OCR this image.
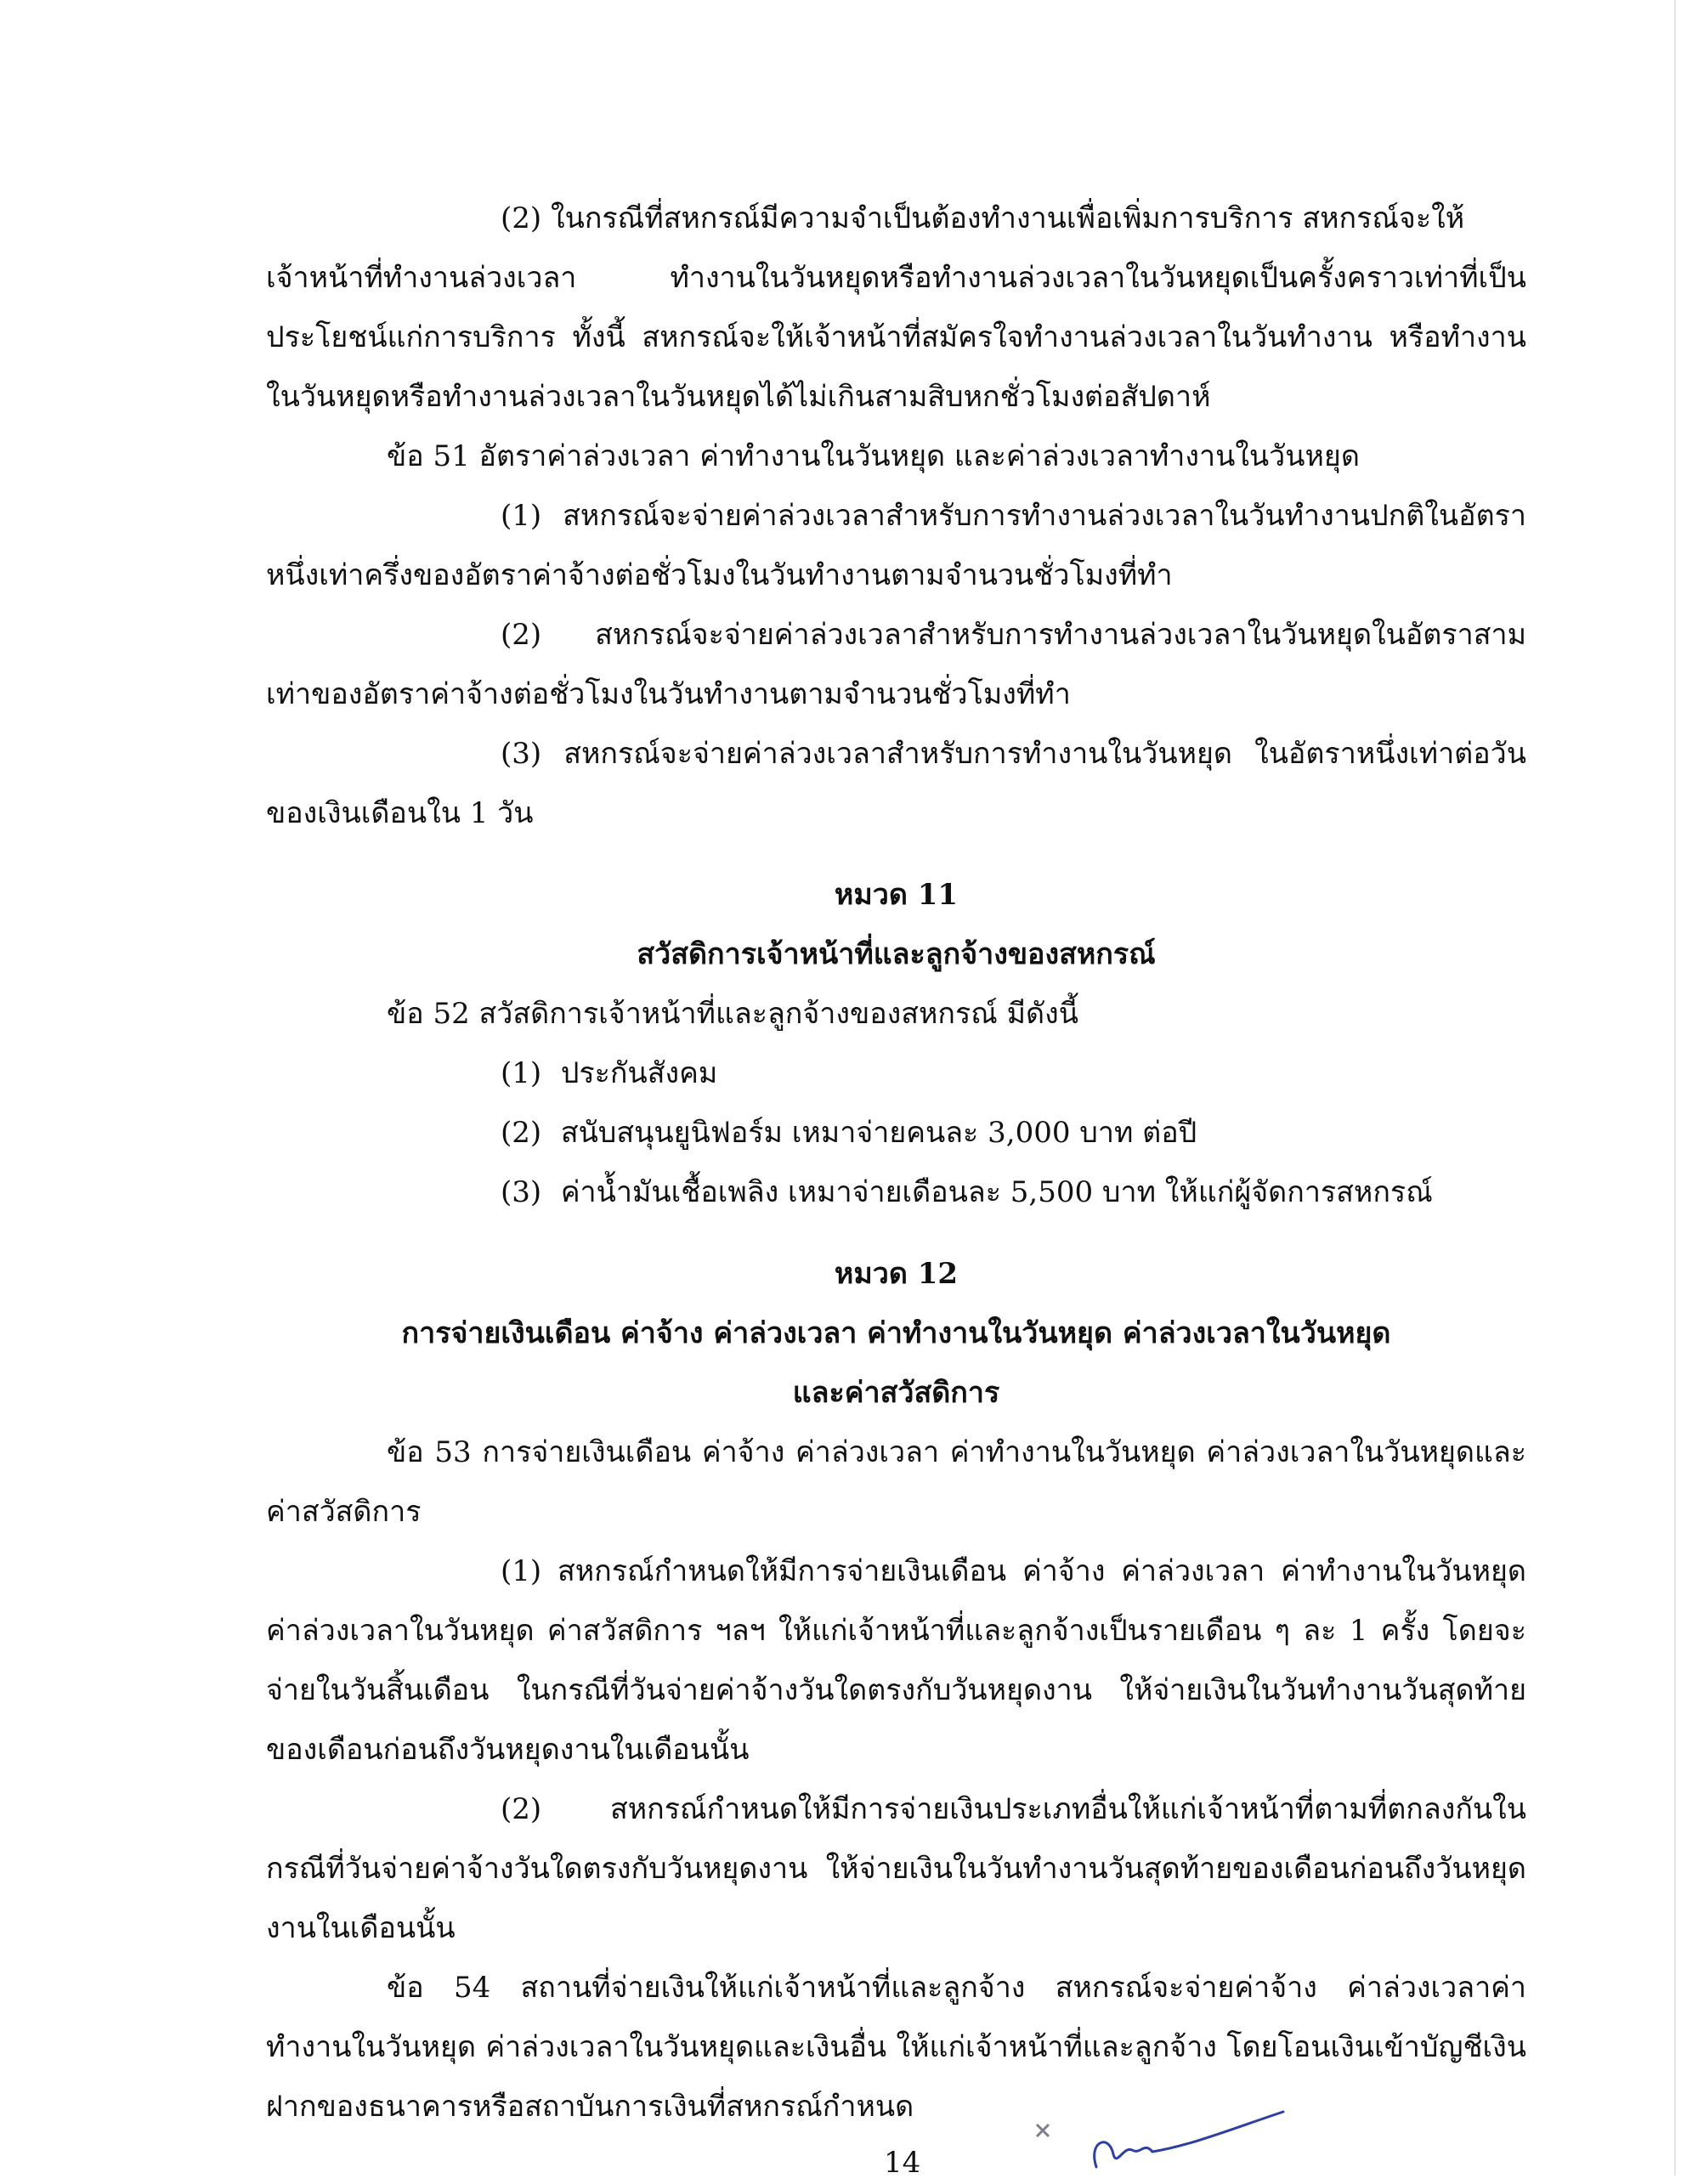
(2) ในกรณีที่สหกรณ์มีความจำเป็นต้องทำงานเพื่อเพิ่มการบริการ สหกรณ์จะให้

เจ้าหน้าที่ทำงานล่วงเวลา ทำงานในวันหยุดหรือทำงานล่วงเวลาในวันหยุดเป็นครั้งคราวเท่าที่เป็นประโยชน์แก่การบริการ ทั้งนี้ สหกรณ์จะให้เจ้าหน้าที่สมัครใจทำงานล่วงเวลาในวันทำงาน หรือทำงานในวันหยุดหรือทำงานล่วงเวลาในวันหยุดได้ไม่เกินสามสิบหกชั่วโมงต่อสัปดาห์

ข้อ 51 อัตราค่าล่วงเวลา ค่าทำงานในวันหยุด และค่าล่วงเวลาทำงานในวันหยุด

(1) สหกรณ์จะจ่ายค่าล่วงเวลาสำหรับการทำงานล่วงเวลาในวันทำงานปกติในอัตราหนึ่งเท่าครึ่งของอัตราค่าจ้างต่อชั่วโมงในวันทำงานตามจำนวนชั่วโมงที่ทำ

(2) สหกรณ์จะจ่ายค่าล่วงเวลาสำหรับการทำงานล่วงเวลาในวันหยุดในอัตราสามเท่าของอัตราค่าจ้างต่อชั่วโมงในวันทำงานตามจำนวนชั่วโมงที่ทำ

(3) สหกรณ์จะจ่ายค่าล่วงเวลาสำหรับการทำงานในวันหยุด ในอัตราหนึ่งเท่าต่อวันของเงินเดือนใน 1 วัน

หมวด 11

สวัสดิการเจ้าหน้าที่และลูกจ้างของสหกรณ์

ข้อ 52 สวัสดิการเจ้าหน้าที่และลูกจ้างของสหกรณ์ มีดังนี้

(1) ประกันสังคม

(2) สนับสนุนยูนิฟอร์ม เหมาจ่ายคนละ 3,000 บาท ต่อปี

(3) ค่าน้ำมันเชื้อเพลิง เหมาจ่ายเดือนละ 5,500 บาท ให้แก่ผู้จัดการสหกรณ์

หมวด 12

การจ่ายเงินเดือน ค่าจ้าง ค่าล่วงเวลา ค่าทำงานในวันหยุด ค่าล่วงเวลาในวันหยุด

และค่าสวัสดิการ

ข้อ 53 การจ่ายเงินเดือน ค่าจ้าง ค่าล่วงเวลา ค่าทำงานในวันหยุด ค่าล่วงเวลาในวันหยุดและค่าสวัสดิการ

(1) สหกรณ์กำหนดให้มีการจ่ายเงินเดือน ค่าจ้าง ค่าล่วงเวลา ค่าทำงานในวันหยุดค่าล่วงเวลาในวันหยุด ค่าสวัสดิการ ฯลฯ ให้แก่เจ้าหน้าที่และลูกจ้างเป็นรายเดือน ๆ ละ 1 ครั้ง โดยจะจ่ายในวันสิ้นเดือน ในกรณีที่วันจ่ายค่าจ้างวันใดตรงกับวันหยุดงาน ให้จ่ายเงินในวันทำงานวันสุดท้ายของเดือนก่อนถึงวันหยุดงานในเดือนนั้น

(2) สหกรณ์กำหนดให้มีการจ่ายเงินประเภทอื่นให้แก่เจ้าหน้าที่ตามที่ตกลงกันในกรณีที่วันจ่ายค่าจ้างวันใดตรงกับวันหยุดงาน ให้จ่ายเงินในวันทำงานวันสุดท้ายของเดือนก่อนถึงวันหยุดงานในเดือนนั้น

ข้อ 54 สถานที่จ่ายเงินให้แก่เจ้าหน้าที่และลูกจ้าง สหกรณ์จะจ่ายค่าจ้าง ค่าล่วงเวลาค่าทำงานในวันหยุด ค่าล่วงเวลาในวันหยุดและเงินอื่น ให้แก่เจ้าหน้าที่และลูกจ้าง โดยโอนเงินเข้าบัญชีเงินฝากของธนาคารหรือสถาบันการเงินที่สหกรณ์กำหนด

14
